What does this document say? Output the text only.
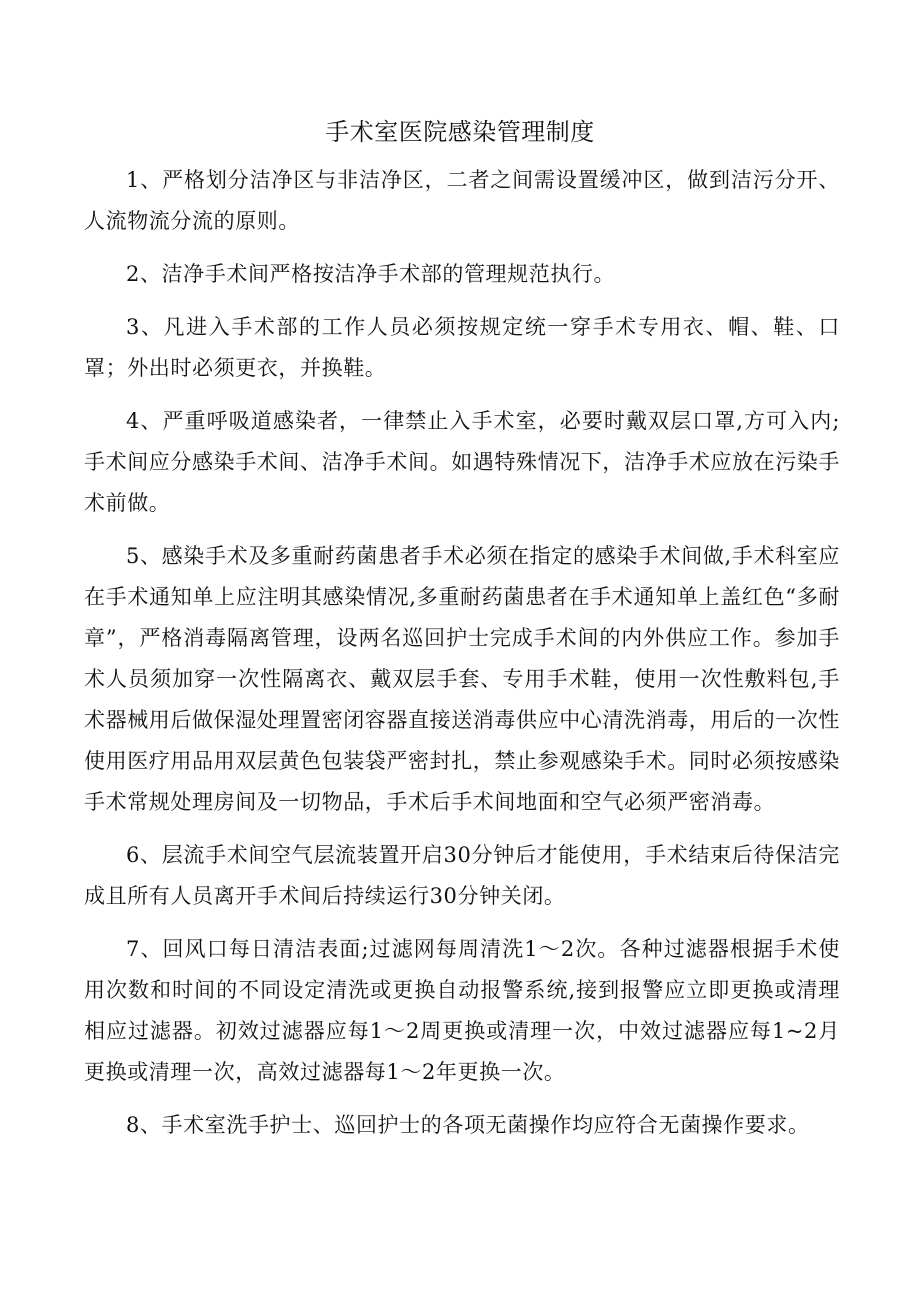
手术室医院感染管理制度

1、严格划分洁净区与非洁净区，二者之间需设置缓冲区，做到洁污分开、人流物流分流的原则。

2、洁净手术间严格按洁净手术部的管理规范执行。

3、凡进入手术部的工作人员必须按规定统一穿手术专用衣、帽、鞋、口罩；外出时必须更衣，并换鞋。

4、严重呼吸道感染者，一律禁止入手术室，必要时戴双层口罩,方可入内;手术间应分感染手术间、洁净手术间。如遇特殊情况下，洁净手术应放在污染手术前做。

5、感染手术及多重耐药菌患者手术必须在指定的感染手术间做,手术科室应在手术通知单上应注明其感染情况,多重耐药菌患者在手术通知单上盖红色“多耐章”，严格消毒隔离管理，设两名巡回护士完成手术间的内外供应工作。参加手术人员须加穿一次性隔离衣、戴双层手套、专用手术鞋，使用一次性敷料包,手术器械用后做保湿处理置密闭容器直接送消毒供应中心清洗消毒，用后的一次性使用医疗用品用双层黄色包装袋严密封扎，禁止参观感染手术。同时必须按感染手术常规处理房间及一切物品，手术后手术间地面和空气必须严密消毒。

6、层流手术间空气层流装置开启30分钟后才能使用，手术结束后待保洁完成且所有人员离开手术间后持续运行30分钟关闭。

7、回风口每日清洁表面;过滤网每周清洗1～2次。各种过滤器根据手术使用次数和时间的不同设定清洗或更换自动报警系统,接到报警应立即更换或清理相应过滤器。初效过滤器应每1～2周更换或清理一次，中效过滤器应每1~2月更换或清理一次，高效过滤器每1～2年更换一次。

8、手术室洗手护士、巡回护士的各项无菌操作均应符合无菌操作要求。
